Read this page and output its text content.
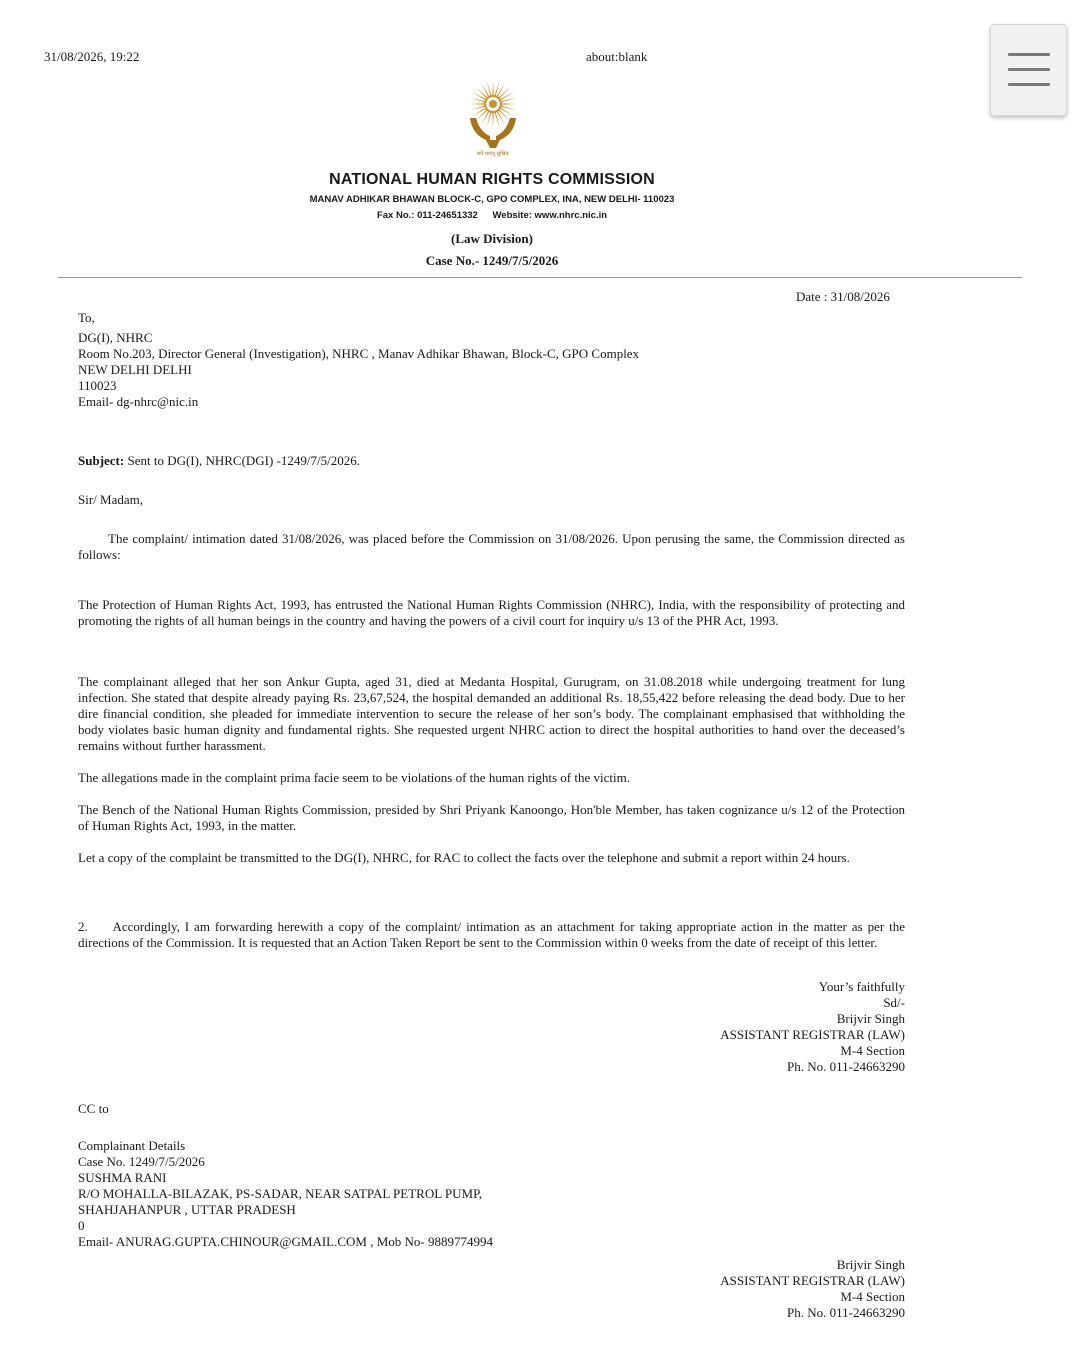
31/08/2026, 19:22	about:blank
सर्वे भवन्तु सुखिनः
NATIONAL HUMAN RIGHTS COMMISSION
MANAV ADHIKAR BHAWAN BLOCK-C, GPO COMPLEX, INA, NEW DELHI- 110023
Fax No.: 011-24651332 Website: www.nhrc.nic.in
(Law Division)
Case No.- 1249/7/5/2026
Date : 31/08/2026
To,
DG(I), NHRC
Room No.203, Director General (Investigation), NHRC , Manav Adhikar Bhawan, Block-C, GPO Complex
NEW DELHI DELHI
110023
Email- dg-nhrc@nic.in
Subject: Sent to DG(I), NHRC(DGI) -1249/7/5/2026.
Sir/ Madam,
The complaint/ intimation dated 31/08/2026, was placed before the Commission on 31/08/2026. Upon perusing the same, the Commission directed as follows:
The Protection of Human Rights Act, 1993, has entrusted the National Human Rights Commission (NHRC), India, with the responsibility of protecting and promoting the rights of all human beings in the country and having the powers of a civil court for inquiry u/s 13 of the PHR Act, 1993.
The complainant alleged that her son Ankur Gupta, aged 31, died at Medanta Hospital, Gurugram, on 31.08.2018 while undergoing treatment for lung infection. She stated that despite already paying Rs. 23,67,524, the hospital demanded an additional Rs. 18,55,422 before releasing the dead body. Due to her dire financial condition, she pleaded for immediate intervention to secure the release of her son’s body. The complainant emphasised that withholding the body violates basic human dignity and fundamental rights. She requested urgent NHRC action to direct the hospital authorities to hand over the deceased’s remains without further harassment.
The allegations made in the complaint prima facie seem to be violations of the human rights of the victim.
The Bench of the National Human Rights Commission, presided by Shri Priyank Kanoongo, Hon'ble Member, has taken cognizance u/s 12 of the Protection of Human Rights Act, 1993, in the matter.
Let a copy of the complaint be transmitted to the DG(I), NHRC, for RAC to collect the facts over the telephone and submit a report within 24 hours.
2.     Accordingly, I am forwarding herewith a copy of the complaint/ intimation as an attachment for taking appropriate action in the matter as per the directions of the Commission. It is requested that an Action Taken Report be sent to the Commission within 0 weeks from the date of receipt of this letter.
Your’s faithfully
Sd/-
Brijvir Singh
ASSISTANT REGISTRAR (LAW)
M-4 Section
Ph. No. 011-24663290
CC to
Complainant Details
Case No. 1249/7/5/2026
SUSHMA RANI
R/O MOHALLA-BILAZAK, PS-SADAR, NEAR SATPAL PETROL PUMP,
SHAHJAHANPUR , UTTAR PRADESH
0
Email- ANURAG.GUPTA.CHINOUR@GMAIL.COM , Mob No- 9889774994
Brijvir Singh
ASSISTANT REGISTRAR (LAW)
M-4 Section
Ph. No. 011-24663290
